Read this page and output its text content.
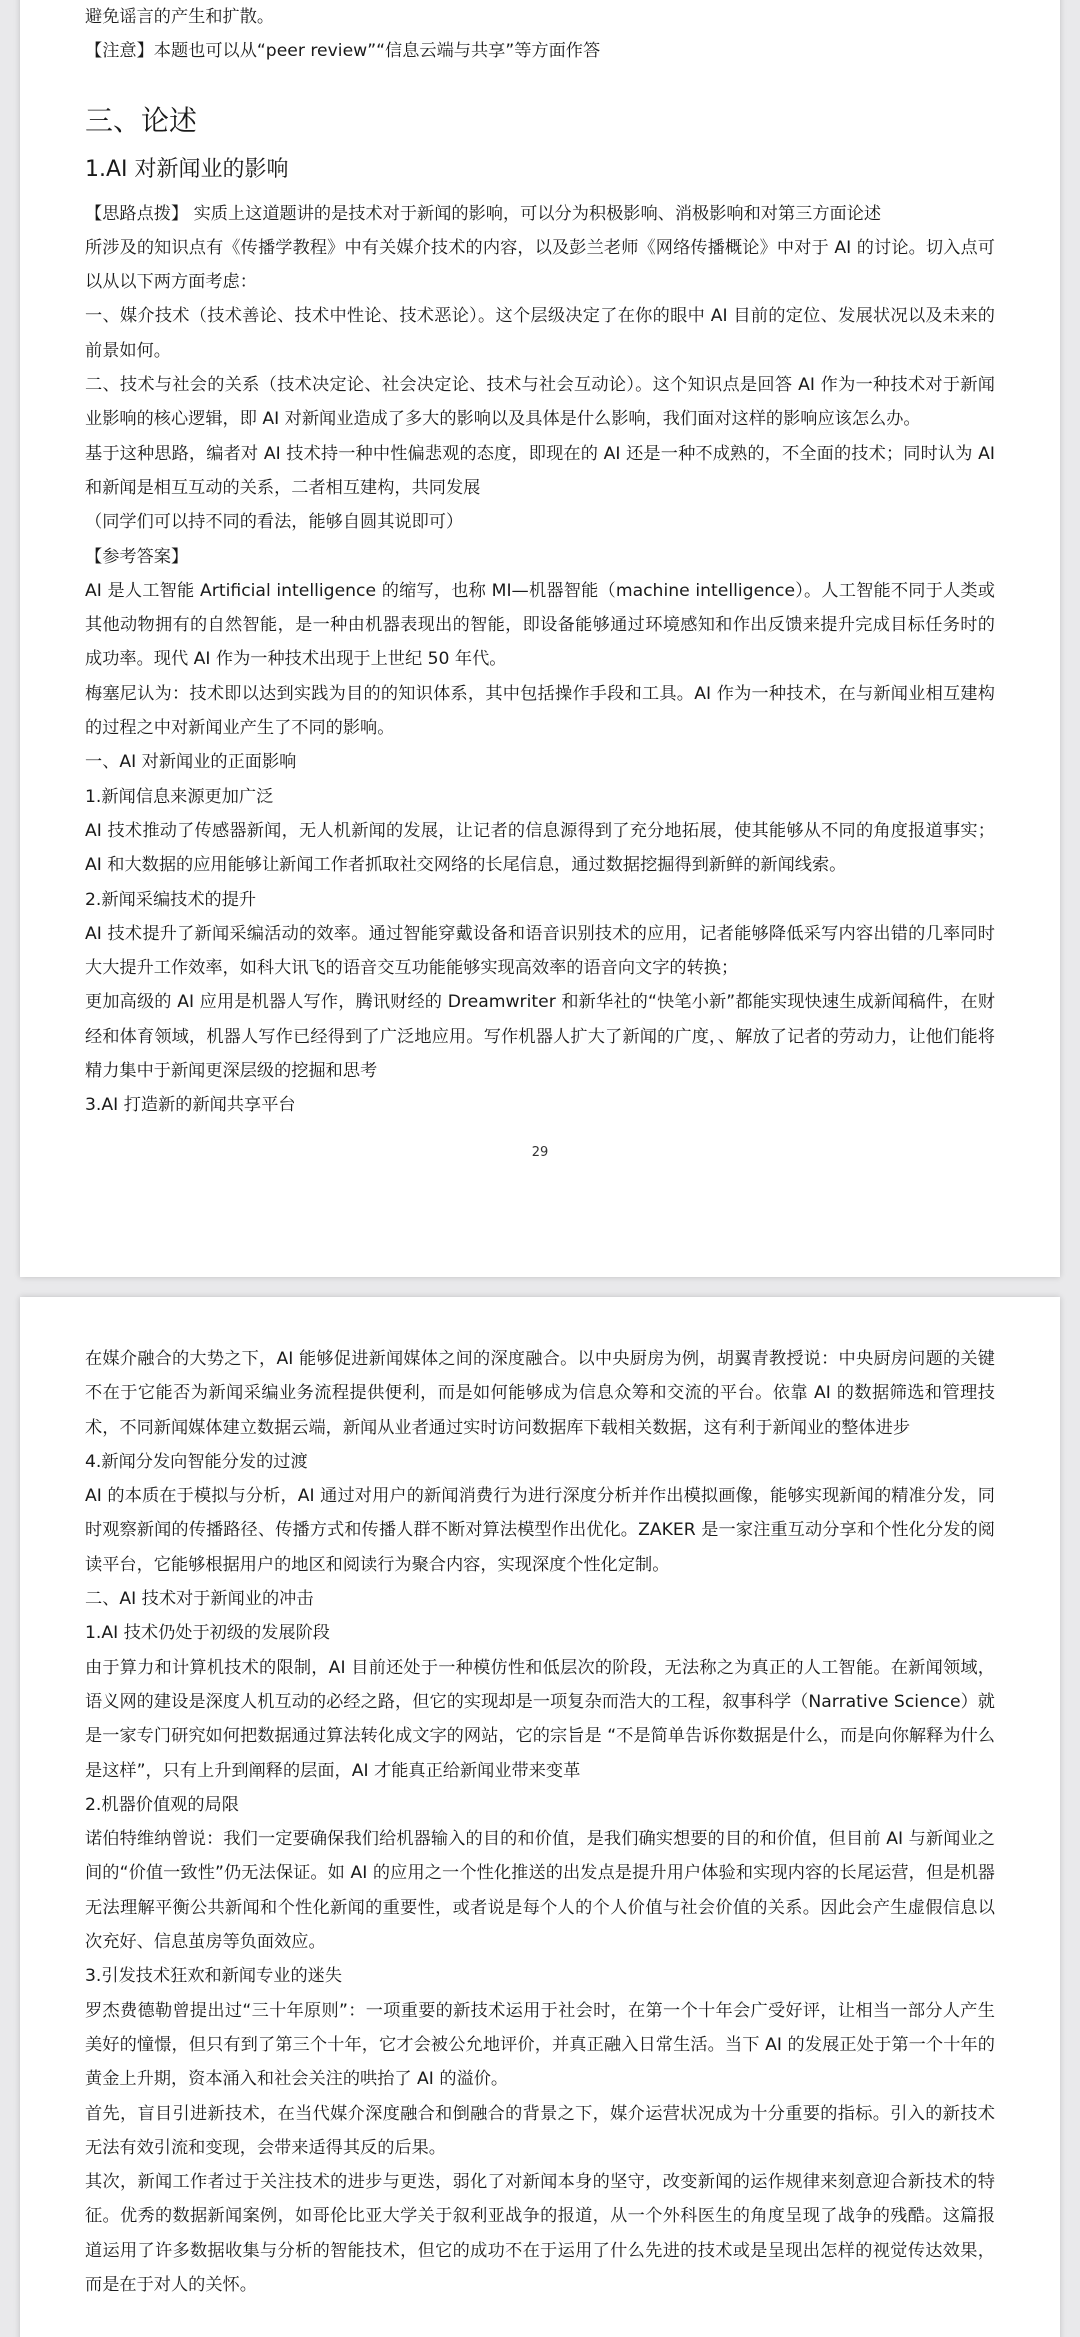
避免谣言的产生和扩散。

【注意】本题也可以从“peer review”“信息云端与共享”等方面作答

三、论述
1.AI 对新闻业的影响

【思路点拨】 实质上这道题讲的是技术对于新闻的影响，可以分为积极影响、消极影响和对第三方面论述

所涉及的知识点有《传播学教程》中有关媒介技术的内容，以及彭兰老师《网络传播概论》中对于 AI 的讨论。切入点可以从以下两方面考虑：

一、媒介技术（技术善论、技术中性论、技术恶论）。这个层级决定了在你的眼中 AI 目前的定位、发展状况以及未来的前景如何。

二、技术与社会的关系（技术决定论、社会决定论、技术与社会互动论）。这个知识点是回答 AI 作为一种技术对于新闻业影响的核心逻辑，即 AI 对新闻业造成了多大的影响以及具体是什么影响，我们面对这样的影响应该怎么办。

基于这种思路，编者对 AI 技术持一种中性偏悲观的态度，即现在的 AI 还是一种不成熟的，不全面的技术；同时认为 AI 和新闻是相互互动的关系，二者相互建构，共同发展

（同学们可以持不同的看法，能够自圆其说即可）

【参考答案】

AI 是人工智能 Artificial intelligence 的缩写，也称 MI—机器智能（machine intelligence）。人工智能不同于人类或其他动物拥有的自然智能，是一种由机器表现出的智能，即设备能够通过环境感知和作出反馈来提升完成目标任务时的成功率。现代 AI 作为一种技术出现于上世纪 50 年代。

梅塞尼认为：技术即以达到实践为目的的知识体系，其中包括操作手段和工具。AI 作为一种技术，在与新闻业相互建构的过程之中对新闻业产生了不同的影响。

一、AI 对新闻业的正面影响

1.新闻信息来源更加广泛

AI 技术推动了传感器新闻，无人机新闻的发展，让记者的信息源得到了充分地拓展，使其能够从不同的角度报道事实；AI 和大数据的应用能够让新闻工作者抓取社交网络的长尾信息，通过数据挖掘得到新鲜的新闻线索。

2.新闻采编技术的提升

AI 技术提升了新闻采编活动的效率。通过智能穿戴设备和语音识别技术的应用，记者能够降低采写内容出错的几率同时大大提升工作效率，如科大讯飞的语音交互功能能够实现高效率的语音向文字的转换；

更加高级的 AI 应用是机器人写作，腾讯财经的 Dreamwriter 和新华社的“快笔小新”都能实现快速生成新闻稿件，在财经和体育领域，机器人写作已经得到了广泛地应用。写作机器人扩大了新闻的广度，、解放了记者的劳动力，让他们能将精力集中于新闻更深层级的挖掘和思考

3.AI 打造新的新闻共享平台

29

在媒介融合的大势之下，AI 能够促进新闻媒体之间的深度融合。以中央厨房为例，胡翼青教授说：中央厨房问题的关键不在于它能否为新闻采编业务流程提供便利，而是如何能够成为信息众筹和交流的平台。依靠 AI 的数据筛选和管理技术，不同新闻媒体建立数据云端，新闻从业者通过实时访问数据库下载相关数据，这有利于新闻业的整体进步

4.新闻分发向智能分发的过渡

AI 的本质在于模拟与分析，AI 通过对用户的新闻消费行为进行深度分析并作出模拟画像，能够实现新闻的精准分发，同时观察新闻的传播路径、传播方式和传播人群不断对算法模型作出优化。ZAKER 是一家注重互动分享和个性化分发的阅读平台，它能够根据用户的地区和阅读行为聚合内容，实现深度个性化定制。

二、AI 技术对于新闻业的冲击

1.AI 技术仍处于初级的发展阶段

由于算力和计算机技术的限制，AI 目前还处于一种模仿性和低层次的阶段，无法称之为真正的人工智能。在新闻领域，语义网的建设是深度人机互动的必经之路，但它的实现却是一项复杂而浩大的工程，叙事科学（Narrative Science）就是一家专门研究如何把数据通过算法转化成文字的网站，它的宗旨是 “不是简单告诉你数据是什么，而是向你解释为什么是这样”，只有上升到阐释的层面，AI 才能真正给新闻业带来变革

2.机器价值观的局限

诺伯特维纳曾说：我们一定要确保我们给机器输入的目的和价值，是我们确实想要的目的和价值，但目前 AI 与新闻业之间的“价值一致性”仍无法保证。如 AI 的应用之一个性化推送的出发点是提升用户体验和实现内容的长尾运营，但是机器无法理解平衡公共新闻和个性化新闻的重要性，或者说是每个人的个人价值与社会价值的关系。因此会产生虚假信息以次充好、信息茧房等负面效应。

3.引发技术狂欢和新闻专业的迷失

罗杰费德勒曾提出过“三十年原则”：一项重要的新技术运用于社会时，在第一个十年会广受好评，让相当一部分人产生美好的憧憬，但只有到了第三个十年，它才会被公允地评价，并真正融入日常生活。当下 AI 的发展正处于第一个十年的黄金上升期，资本涌入和社会关注的哄抬了 AI 的溢价。

首先，盲目引进新技术，在当代媒介深度融合和倒融合的背景之下，媒介运营状况成为十分重要的指标。引入的新技术无法有效引流和变现，会带来适得其反的后果。

其次，新闻工作者过于关注技术的进步与更迭，弱化了对新闻本身的坚守，改变新闻的运作规律来刻意迎合新技术的特征。优秀的数据新闻案例，如哥伦比亚大学关于叙利亚战争的报道，从一个外科医生的角度呈现了战争的残酷。这篇报道运用了许多数据收集与分析的智能技术，但它的成功不在于运用了什么先进的技术或是呈现出怎样的视觉传达效果，而是在于对人的关怀。
